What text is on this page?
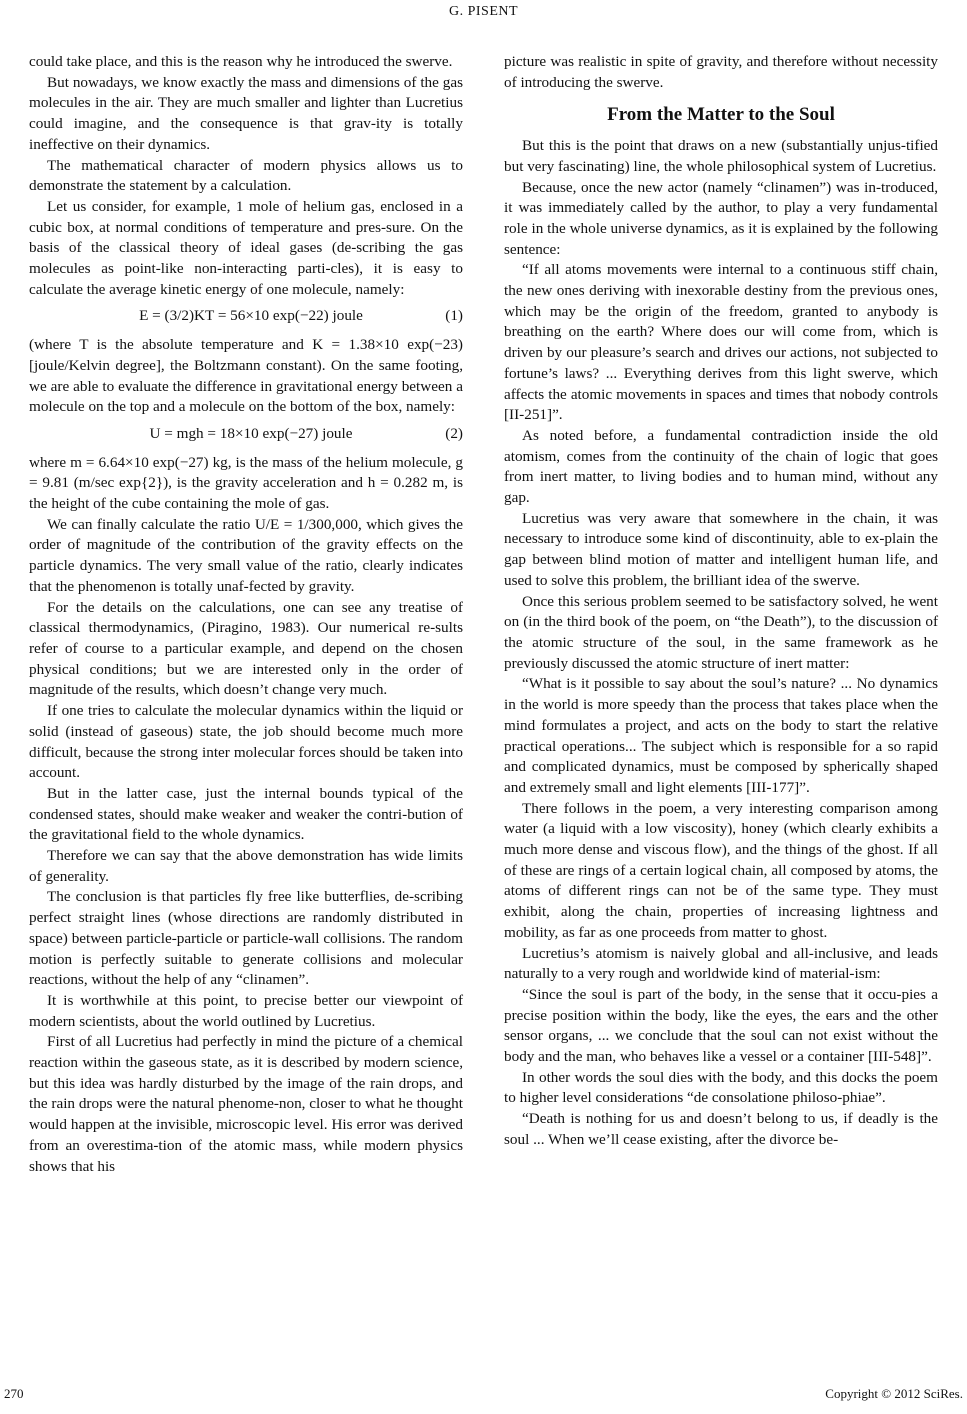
G. PISENT

could take place, and this is the reason why he introduced the swerve.

But nowadays, we know exactly the mass and dimensions of the gas molecules in the air. They are much smaller and lighter than Lucretius could imagine, and the consequence is that grav-ity is totally ineffective on their dynamics.

The mathematical character of modern physics allows us to demonstrate the statement by a calculation.

Let us consider, for example, 1 mole of helium gas, enclosed in a cubic box, at normal conditions of temperature and pres-sure. On the basis of the classical theory of ideal gases (de-scribing the gas molecules as point-like non-interacting parti-cles), it is easy to calculate the average kinetic energy of one molecule, namely:

E = (3/2)KT = 56×10 exp(−22) joule	(1)

(where T is the absolute temperature and K = 1.38×10 exp(−23) [joule/Kelvin degree], the Boltzmann constant). On the same footing, we are able to evaluate the difference in gravitational energy between a molecule on the top and a molecule on the bottom of the box, namely:

U = mgh = 18×10 exp(−27) joule	(2)

where m = 6.64×10 exp(−27) kg, is the mass of the helium molecule, g = 9.81 (m/sec exp{2}), is the gravity acceleration and h = 0.282 m, is the height of the cube containing the mole of gas.

We can finally calculate the ratio U/E = 1/300,000, which gives the order of magnitude of the contribution of the gravity effects on the particle dynamics. The very small value of the ratio, clearly indicates that the phenomenon is totally unaf-fected by gravity.

For the details on the calculations, one can see any treatise of classical thermodynamics, (Piragino, 1983). Our numerical re-sults refer of course to a particular example, and depend on the chosen physical conditions; but we are interested only in the order of magnitude of the results, which doesn’t change very much.

If one tries to calculate the molecular dynamics within the liquid or solid (instead of gaseous) state, the job should become much more difficult, because the strong inter molecular forces should be taken into account.

But in the latter case, just the internal bounds typical of the condensed states, should make weaker and weaker the contri-bution of the gravitational field to the whole dynamics.

Therefore we can say that the above demonstration has wide limits of generality.

The conclusion is that particles fly free like butterflies, de-scribing perfect straight lines (whose directions are randomly distributed in space) between particle-particle or particle-wall collisions. The random motion is perfectly suitable to generate collisions and molecular reactions, without the help of any “clinamen”.

It is worthwhile at this point, to precise better our viewpoint of modern scientists, about the world outlined by Lucretius.

First of all Lucretius had perfectly in mind the picture of a chemical reaction within the gaseous state, as it is described by modern science, but this idea was hardly disturbed by the image of the rain drops, and the rain drops were the natural phenome-non, closer to what he thought would happen at the invisible, microscopic level. His error was derived from an overestima-tion of the atomic mass, while modern physics shows that his

picture was realistic in spite of gravity, and therefore without necessity of introducing the swerve.

From the Matter to the Soul

But this is the point that draws on a new (substantially unjus-tified but very fascinating) line, the whole philosophical system of Lucretius.

Because, once the new actor (namely “clinamen”) was in-troduced, it was immediately called by the author, to play a very fundamental role in the whole universe dynamics, as it is explained by the following sentence:

“If all atoms movements were internal to a continuous stiff chain, the new ones deriving with inexorable destiny from the previous ones, which may be the origin of the freedom, granted to anybody is breathing on the earth? Where does our will come from, which is driven by our pleasure’s search and drives our actions, not subjected to fortune’s laws? ... Everything derives from this light swerve, which affects the atomic movements in spaces and times that nobody controls [II-251]”.

As noted before, a fundamental contradiction inside the old atomism, comes from the continuity of the chain of logic that goes from inert matter, to living bodies and to human mind, without any gap.

Lucretius was very aware that somewhere in the chain, it was necessary to introduce some kind of discontinuity, able to ex-plain the gap between blind motion of matter and intelligent human life, and used to solve this problem, the brilliant idea of the swerve.

Once this serious problem seemed to be satisfactory solved, he went on (in the third book of the poem, on “the Death”), to the discussion of the atomic structure of the soul, in the same framework as he previously discussed the atomic structure of inert matter:

“What is it possible to say about the soul’s nature? ... No dynamics in the world is more speedy than the process that takes place when the mind formulates a project, and acts on the body to start the relative practical operations... The subject which is responsible for a so rapid and complicated dynamics, must be composed by spherically shaped and extremely small and light elements [III-177]”.

There follows in the poem, a very interesting comparison among water (a liquid with a low viscosity), honey (which clearly exhibits a much more dense and viscous flow), and the things of the ghost. If all of these are rings of a certain logical chain, all composed by atoms, the atoms of different rings can not be of the same type. They must exhibit, along the chain, properties of increasing lightness and mobility, as far as one proceeds from matter to ghost.

Lucretius’s atomism is naively global and all-inclusive, and leads naturally to a very rough and worldwide kind of material-ism:

“Since the soul is part of the body, in the sense that it occu-pies a precise position within the body, like the eyes, the ears and the other sensor organs, ... we conclude that the soul can not exist without the body and the man, who behaves like a vessel or a container [III-548]”.

In other words the soul dies with the body, and this docks the poem to higher level considerations “de consolatione philoso-phiae”.

“Death is nothing for us and doesn’t belong to us, if deadly is the soul ... When we’ll cease existing, after the divorce be-

270	Copyright © 2012 SciRes.
